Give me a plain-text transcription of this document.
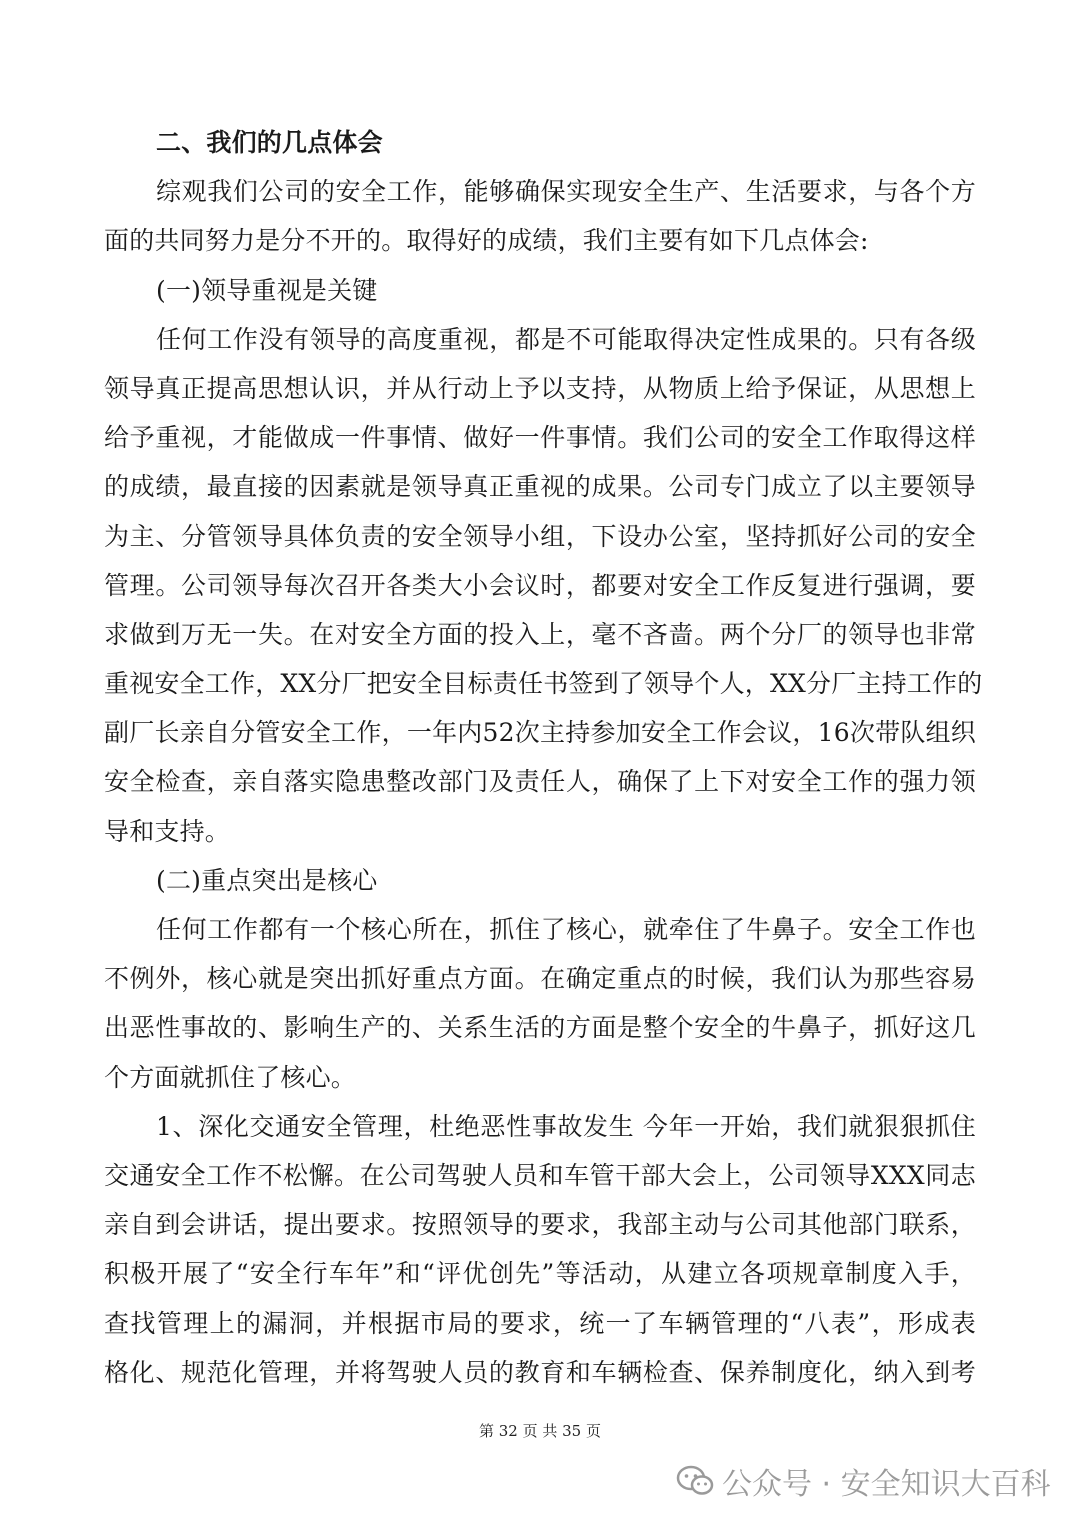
二、我们的几点体会

综观我们公司的安全工作，能够确保实现安全生产、生活要求，与各个方

面的共同努力是分不开的。取得好的成绩，我们主要有如下几点体会:

(一)领导重视是关键

任何工作没有领导的高度重视，都是不可能取得决定性成果的。只有各级

领导真正提高思想认识，并从行动上予以支持，从物质上给予保证，从思想上

给予重视，才能做成一件事情、做好一件事情。我们公司的安全工作取得这样

的成绩，最直接的因素就是领导真正重视的成果。公司专门成立了以主要领导

为主、分管领导具体负责的安全领导小组，下设办公室，坚持抓好公司的安全

管理。公司领导每次召开各类大小会议时，都要对安全工作反复进行强调，要

求做到万无一失。在对安全方面的投入上，毫不吝啬。两个分厂的领导也非常

重视安全工作，XX分厂把安全目标责任书签到了领导个人，XX分厂主持工作的

副厂长亲自分管安全工作，一年内52次主持参加安全工作会议，16次带队组织

安全检查，亲自落实隐患整改部门及责任人，确保了上下对安全工作的强力领

导和支持。

(二)重点突出是核心

任何工作都有一个核心所在，抓住了核心，就牵住了牛鼻子。安全工作也

不例外，核心就是突出抓好重点方面。在确定重点的时候，我们认为那些容易

出恶性事故的、影响生产的、关系生活的方面是整个安全的牛鼻子，抓好这几

个方面就抓住了核心。

1、深化交通安全管理，杜绝恶性事故发生 今年一开始，我们就狠狠抓住

交通安全工作不松懈。在公司驾驶人员和车管干部大会上，公司领导XXX同志

亲自到会讲话，提出要求。按照领导的要求，我部主动与公司其他部门联系，

积极开展了“安全行车年”和“评优创先”等活动，从建立各项规章制度入手，

查找管理上的漏洞，并根据市局的要求，统一了车辆管理的“八表”，形成表

格化、规范化管理，并将驾驶人员的教育和车辆检查、保养制度化，纳入到考

第 32 页 共 35 页
公众号 · 安全知识大百科
